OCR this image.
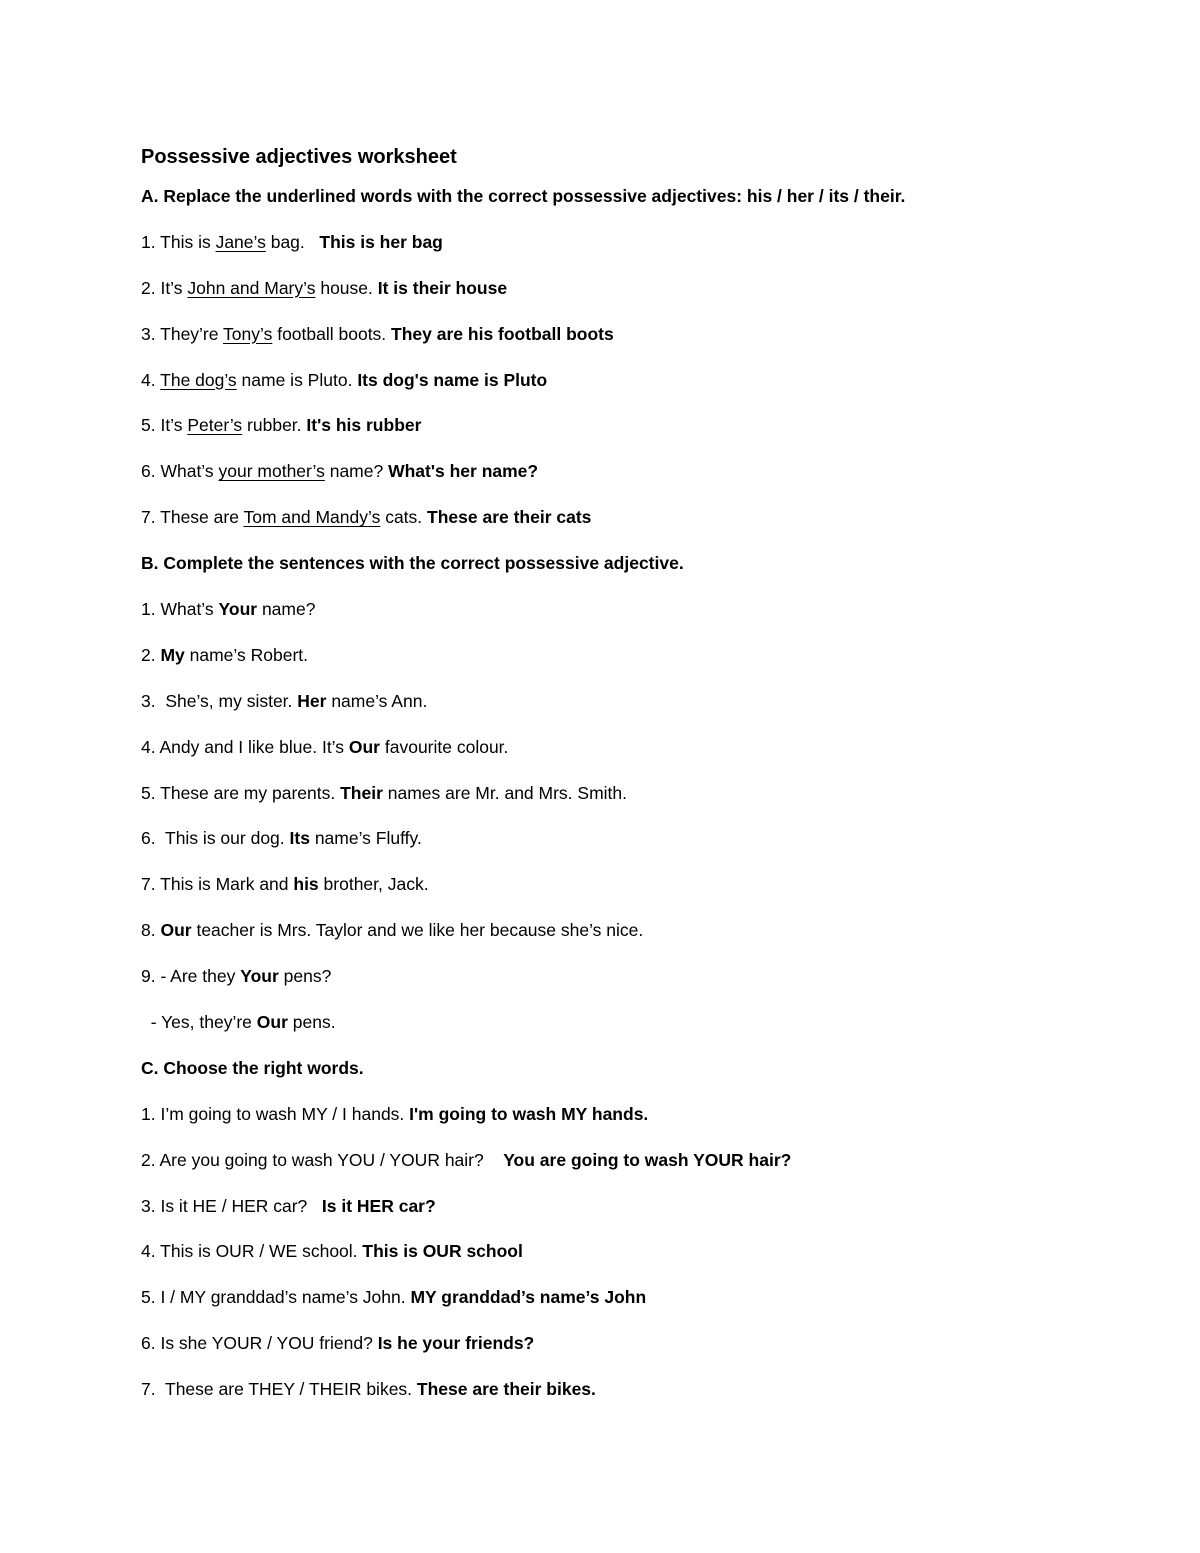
Possessive adjectives worksheet
A. Replace the underlined words with the correct possessive adjectives: his / her / its / their.
1. This is Jane’s bag.   This is her bag
2. It’s John and Mary’s house. It is their house
3. They’re Tony’s football boots. They are his football boots
4. The dog’s name is Pluto. Its dog's name is Pluto
5. It’s Peter’s rubber. It's his rubber
6. What’s your mother’s name? What's her name?
7. These are Tom and Mandy’s cats. These are their cats
B. Complete the sentences with the correct possessive adjective.
1. What’s Your name?
2. My name’s Robert.
3.  She’s, my sister. Her name’s Ann.
4. Andy and I like blue. It’s Our favourite colour.
5. These are my parents. Their names are Mr. and Mrs. Smith.
6.  This is our dog. Its name’s Fluffy.
7. This is Mark and his brother, Jack.
8. Our teacher is Mrs. Taylor and we like her because she’s nice.
9. - Are they Your pens?
- Yes, they’re Our pens.
C. Choose the right words.
1. I’m going to wash MY / I hands. I'm going to wash MY hands.
2. Are you going to wash YOU / YOUR hair?    You are going to wash YOUR hair?
3. Is it HE / HER car?   Is it HER car?
4. This is OUR / WE school. This is OUR school
5. I / MY granddad’s name’s John. MY granddad’s name’s John
6. Is she YOUR / YOU friend? Is he your friends?
7.  These are THEY / THEIR bikes. These are their bikes.
